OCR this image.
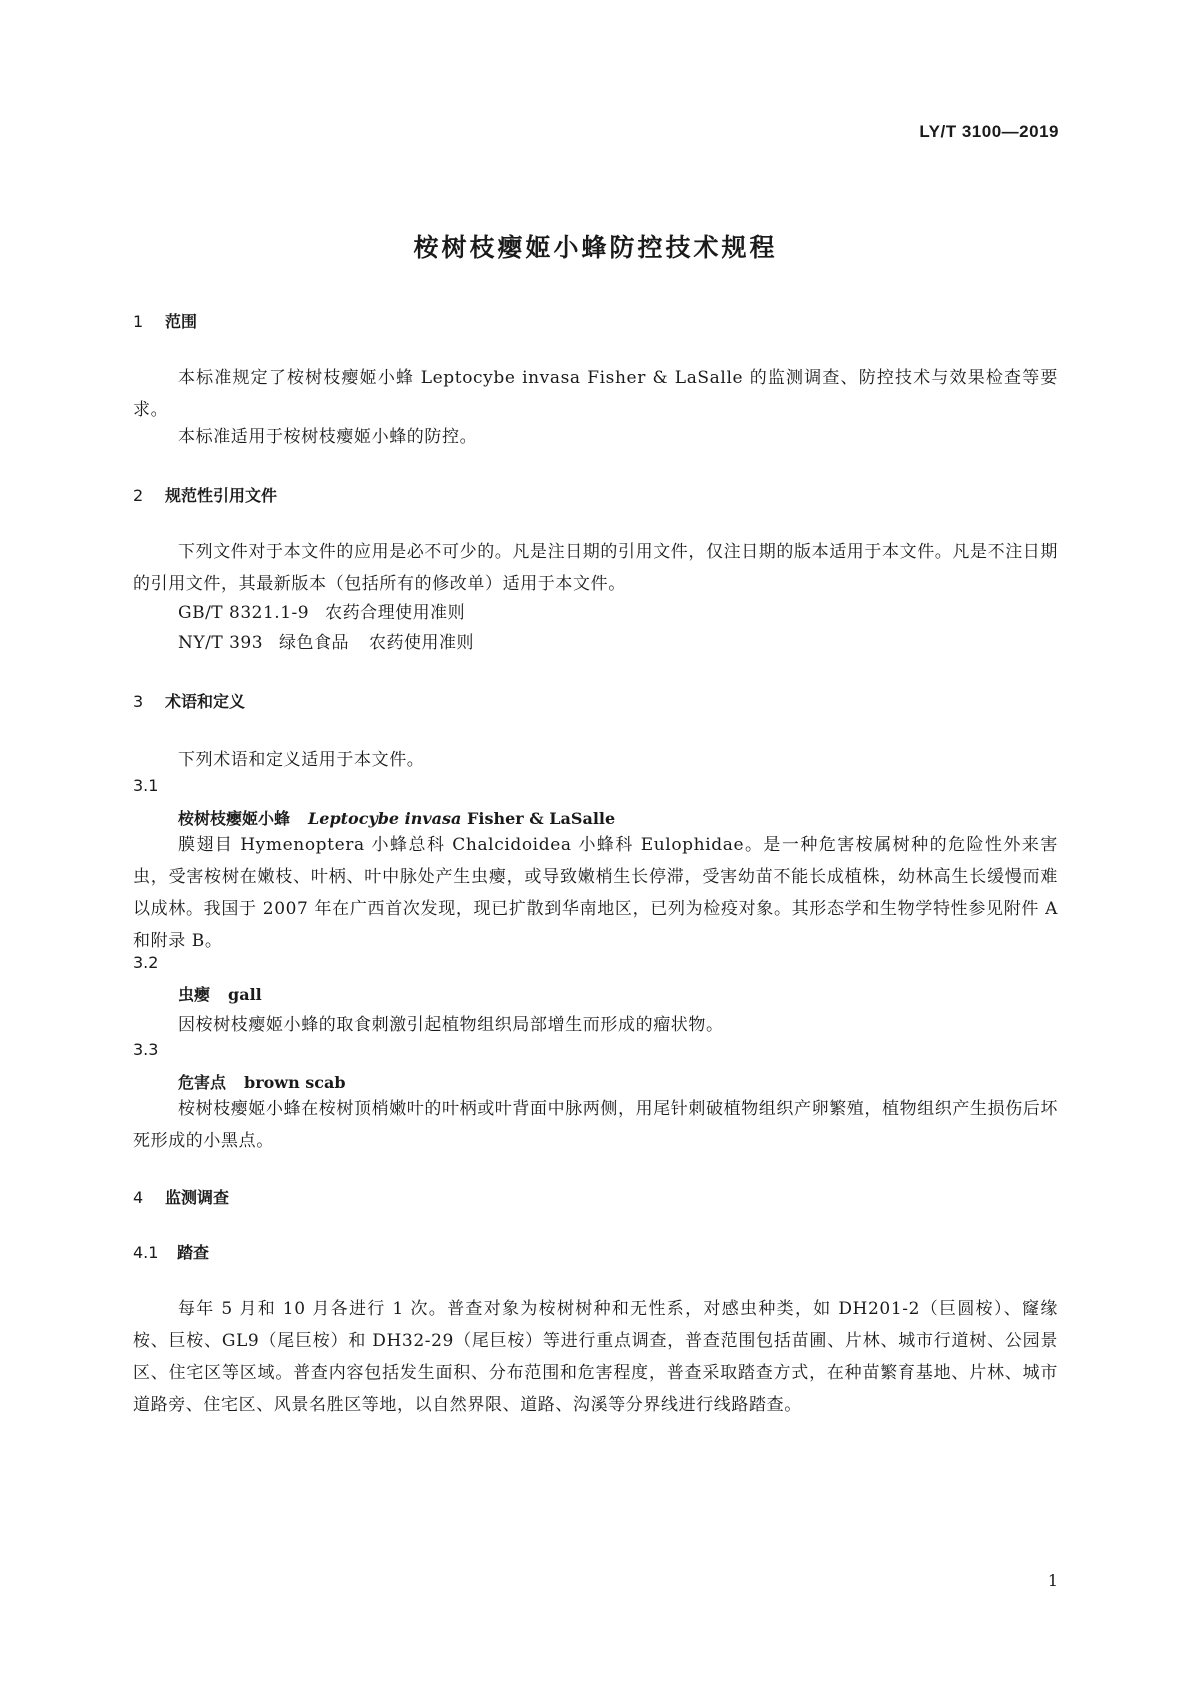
LY/T 3100—2019
桉树枝瘿姬小蜂防控技术规程
1 范围
本标准规定了桉树枝瘿姬小蜂 Leptocybe invasa Fisher & LaSalle 的监测调查、防控技术与效果检查等要求。
本标准适用于桉树枝瘿姬小蜂的防控。
2 规范性引用文件
下列文件对于本文件的应用是必不可少的。凡是注日期的引用文件，仅注日期的版本适用于本文件。凡是不注日期的引用文件，其最新版本（包括所有的修改单）适用于本文件。
GB/T 8321.1-9 农药合理使用准则
NY/T 393 绿色食品 农药使用准则
3 术语和定义
下列术语和定义适用于本文件。
3.1
桉树枝瘿姬小蜂 Leptocybe invasa Fisher & LaSalle
膜翅目 Hymenoptera 小蜂总科 Chalcidoidea 小蜂科 Eulophidae。是一种危害桉属树种的危险性外来害虫，受害桉树在嫩枝、叶柄、叶中脉处产生虫瘿，或导致嫩梢生长停滞，受害幼苗不能长成植株，幼林高生长缓慢而难以成林。我国于 2007 年在广西首次发现，现已扩散到华南地区，已列为检疫对象。其形态学和生物学特性参见附件 A 和附录 B。
3.2
虫瘿 gall
因桉树枝瘿姬小蜂的取食刺激引起植物组织局部增生而形成的瘤状物。
3.3
危害点 brown scab
桉树枝瘿姬小蜂在桉树顶梢嫩叶的叶柄或叶背面中脉两侧，用尾针刺破植物组织产卵繁殖，植物组织产生损伤后坏死形成的小黑点。
4 监测调查
4.1 踏查
每年 5 月和 10 月各进行 1 次。普查对象为桉树树种和无性系，对感虫种类，如 DH201-2（巨圆桉）、窿缘桉、巨桉、GL9（尾巨桉）和 DH32-29（尾巨桉）等进行重点调查，普查范围包括苗圃、片林、城市行道树、公园景区、住宅区等区域。普查内容包括发生面积、分布范围和危害程度，普查采取踏查方式，在种苗繁育基地、片林、城市道路旁、住宅区、风景名胜区等地，以自然界限、道路、沟溪等分界线进行线路踏查。
1
